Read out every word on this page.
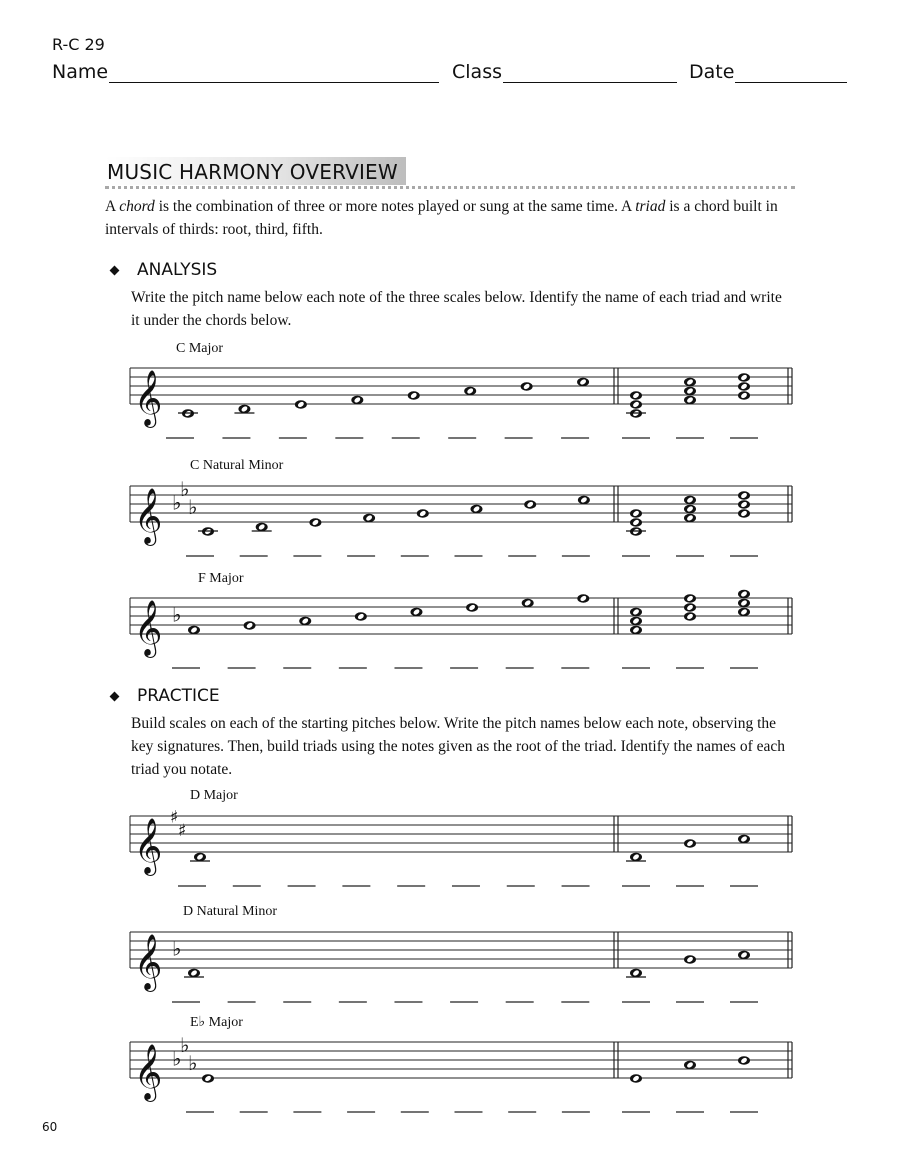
R-C 29
Name	Class	Date
MUSIC HARMONY OVERVIEW
A chord is the combination of three or more notes played or sung at the same time. A triad is a chord built in intervals of thirds: root, third, fifth.
ANALYSIS
Write the pitch name below each note of the three scales below. Identify the name of each triad and write it under the chords below.
PRACTICE
Build scales on each of the starting pitches below. Write the pitch names below each note, observing the key signatures. Then, build triads using the notes given as the root of the triad. Identify the names of each triad you notate.
C Major
C Natural Minor
F Major
D Major
D Natural Minor
E♭ Major
𝄞
𝄞 ♭
♭
♭
𝄞 ♭
𝄞
♯
♯
𝄞 ♭
𝄞 ♭
♭
♭
60
